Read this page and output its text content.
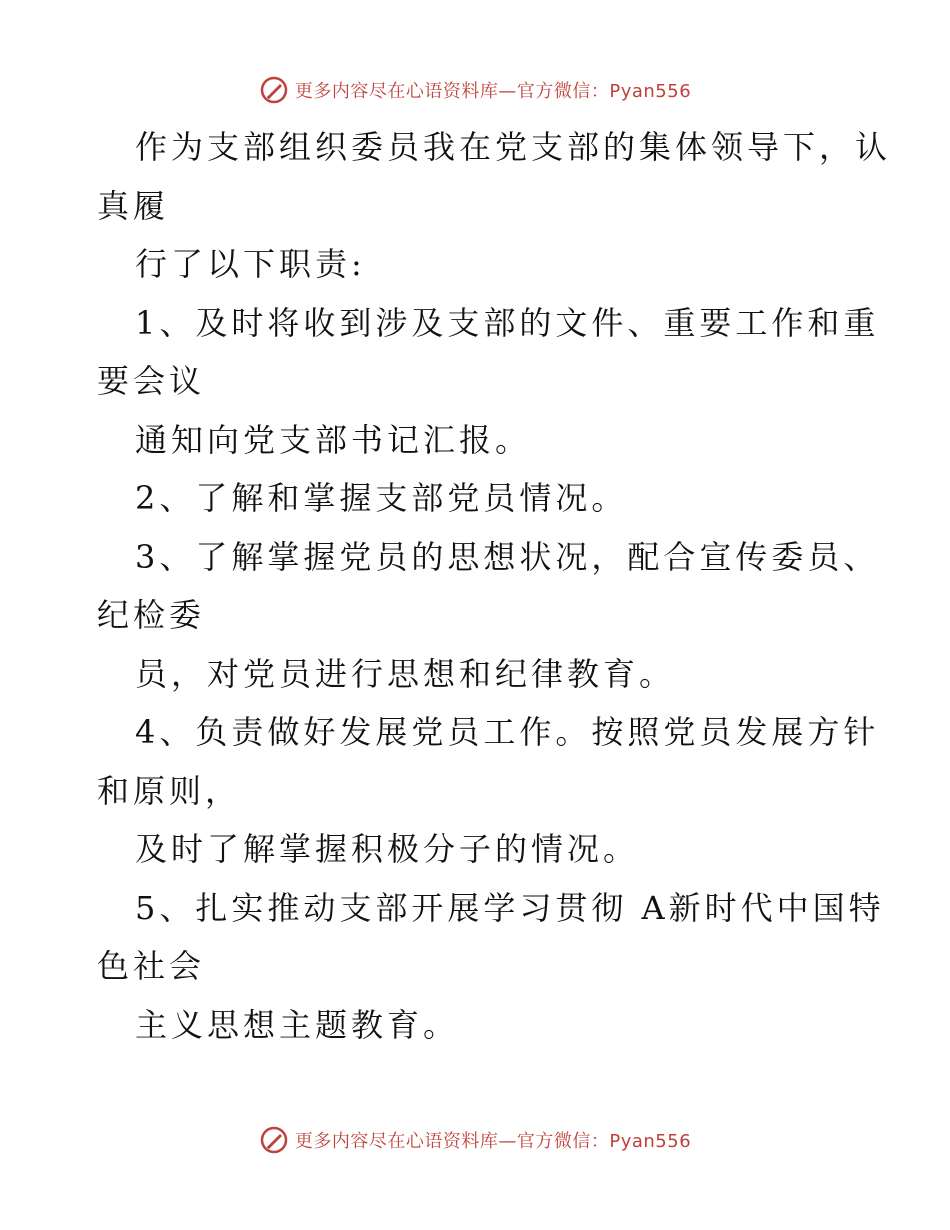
更多内容尽在心语资料库—官方微信：Pyan556
作为支部组织委员我在党支部的集体领导下，认
真履
行了以下职责:
1、及时将收到涉及支部的文件、重要工作和重
要会议
通知向党支部书记汇报。
2、了解和掌握支部党员情况。
3、了解掌握党员的思想状况，配合宣传委员、
纪检委
员，对党员进行思想和纪律教育。
4、负责做好发展党员工作。按照党员发展方针
和原则，
及时了解掌握积极分子的情况。
5、扎实推动支部开展学习贯彻 A新时代中国特
色社会
主义思想主题教育。
更多内容尽在心语资料库—官方微信：Pyan556
